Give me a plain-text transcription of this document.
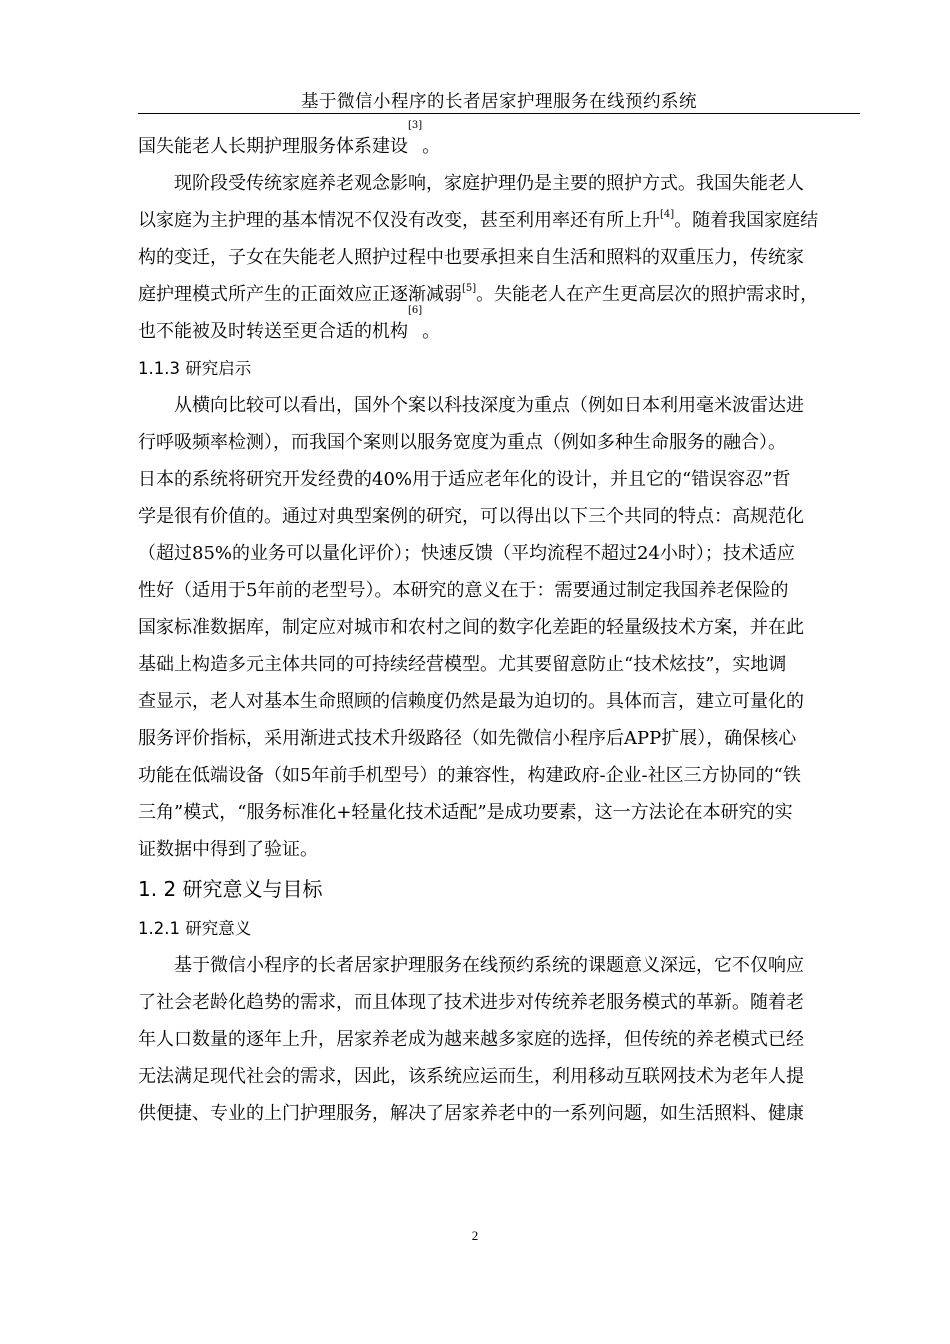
基于微信小程序的长者居家护理服务在线预约系统
国失能老人长期护理服务体系建设
[3]
。
现阶段受传统家庭养老观念影响，家庭护理仍是主要的照护方式。我国失能老人
以家庭为主护理的基本情况不仅没有改变，甚至利用率还有所上升[4]。随着我国家庭结
构的变迁，子女在失能老人照护过程中也要承担来自生活和照料的双重压力，传统家
庭护理模式所产生的正面效应正逐渐减弱[5]。失能老人在产生更高层次的照护需求时，
也不能被及时转送至更合适的机构
[6]
。
1.1.3 研究启示
从横向比较可以看出，国外个案以科技深度为重点（例如日本利用毫米波雷达进
行呼吸频率检测），而我国个案则以服务宽度为重点（例如多种生命服务的融合）。
日本的系统将研究开发经费的40%用于适应老年化的设计，并且它的“错误容忍”哲
学是很有价值的。通过对典型案例的研究，可以得出以下三个共同的特点：高规范化
（超过85%的业务可以量化评价）；快速反馈（平均流程不超过24小时）；技术适应
性好（适用于5年前的老型号）。本研究的意义在于：需要通过制定我国养老保险的
国家标准数据库，制定应对城市和农村之间的数字化差距的轻量级技术方案，并在此
基础上构造多元主体共同的可持续经营模型。尤其要留意防止“技术炫技”，实地调
查显示，老人对基本生命照顾的信赖度仍然是最为迫切的。具体而言，建立可量化的
服务评价指标，采用渐进式技术升级路径（如先微信小程序后APP扩展），确保核心
功能在低端设备（如5年前手机型号）的兼容性，构建政府-企业-社区三方协同的“铁
三角”模式，“服务标准化+轻量化技术适配”是成功要素，这一方法论在本研究的实
证数据中得到了验证。
1. 2 研究意义与目标
1.2.1 研究意义
基于微信小程序的长者居家护理服务在线预约系统的课题意义深远，它不仅响应
了社会老龄化趋势的需求，而且体现了技术进步对传统养老服务模式的革新。随着老
年人口数量的逐年上升，居家养老成为越来越多家庭的选择，但传统的养老模式已经
无法满足现代社会的需求，因此，该系统应运而生，利用移动互联网技术为老年人提
供便捷、专业的上门护理服务，解决了居家养老中的一系列问题，如生活照料、健康
2
